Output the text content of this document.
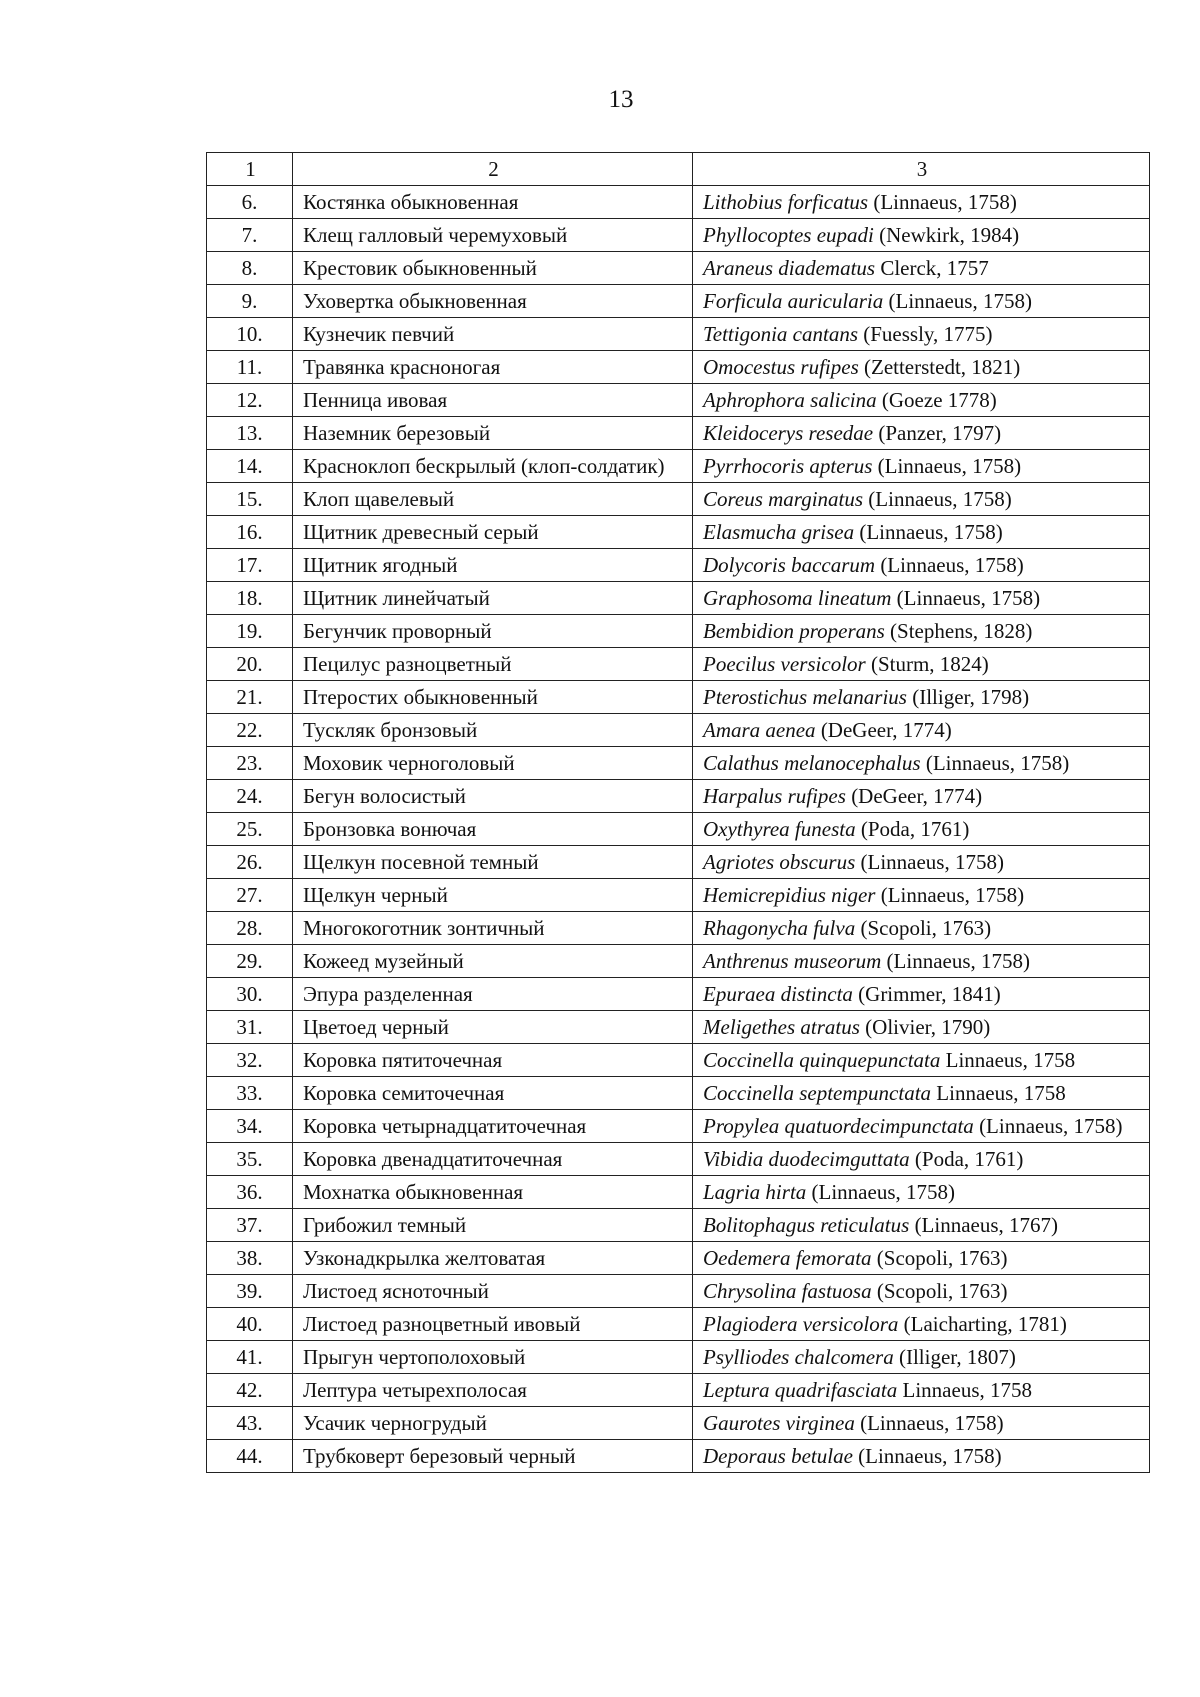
13
1	2	3
6.	Костянка обыкновенная	Lithobius forficatus (Linnaeus, 1758)
7.	Клещ галловый черемуховый	Phyllocoptes eupadi (Newkirk, 1984)
8.	Крестовик обыкновенный	Araneus diadematus Clerck, 1757
9.	Уховертка обыкновенная	Forficula auricularia (Linnaeus, 1758)
10.	Кузнечик певчий	Tettigonia cantans (Fuessly, 1775)
11.	Травянка красноногая	Omocestus rufipes (Zetterstedt, 1821)
12.	Пенница ивовая	Aphrophora salicina (Goeze 1778)
13.	Наземник березовый	Kleidocerys resedae (Panzer, 1797)
14.	Красноклоп бескрылый (клоп-солдатик)	Pyrrhocoris apterus (Linnaeus, 1758)
15.	Клоп щавелевый	Coreus marginatus (Linnaeus, 1758)
16.	Щитник древесный серый	Elasmucha grisea (Linnaeus, 1758)
17.	Щитник ягодный	Dolycoris baccarum (Linnaeus, 1758)
18.	Щитник линейчатый	Graphosoma lineatum (Linnaeus, 1758)
19.	Бегунчик проворный	Bembidion properans (Stephens, 1828)
20.	Пецилус разноцветный	Poecilus versicolor (Sturm, 1824)
21.	Птеростих обыкновенный	Pterostichus melanarius (Illiger, 1798)
22.	Тускляк бронзовый	Amara aenea (DeGeer, 1774)
23.	Моховик черноголовый	Calathus melanocephalus (Linnaeus, 1758)
24.	Бегун волосистый	Harpalus rufipes (DeGeer, 1774)
25.	Бронзовка вонючая	Oxythyrea funesta (Poda, 1761)
26.	Щелкун посевной темный	Agriotes obscurus (Linnaeus, 1758)
27.	Щелкун черный	Hemicrepidius niger (Linnaeus, 1758)
28.	Многокоготник зонтичный	Rhagonycha fulva (Scopoli, 1763)
29.	Кожеед музейный	Anthrenus museorum (Linnaeus, 1758)
30.	Эпура разделенная	Epuraea distincta (Grimmer, 1841)
31.	Цветоед черный	Meligethes atratus (Olivier, 1790)
32.	Коровка пятиточечная	Coccinella quinquepunctata Linnaeus, 1758
33.	Коровка семиточечная	Coccinella septempunctata Linnaeus, 1758
34.	Коровка четырнадцатиточечная	Propylea quatuordecimpunctata (Linnaeus, 1758)
35.	Коровка двенадцатиточечная	Vibidia duodecimguttata (Poda, 1761)
36.	Мохнатка обыкновенная	Lagria hirta (Linnaeus, 1758)
37.	Грибожил темный	Bolitophagus reticulatus (Linnaeus, 1767)
38.	Узконадкрылка желтоватая	Oedemera femorata (Scopoli, 1763)
39.	Листоед ясноточный	Chrysolina fastuosa (Scopoli, 1763)
40.	Листоед разноцветный ивовый	Plagiodera versicolora (Laicharting, 1781)
41.	Прыгун чертополоховый	Psylliodes chalcomera (Illiger, 1807)
42.	Лептура четырехполосая	Leptura quadrifasciata Linnaeus, 1758
43.	Усачик черногрудый	Gaurotes virginea (Linnaeus, 1758)
44.	Трубковерт березовый черный	Deporaus betulae (Linnaeus, 1758)
